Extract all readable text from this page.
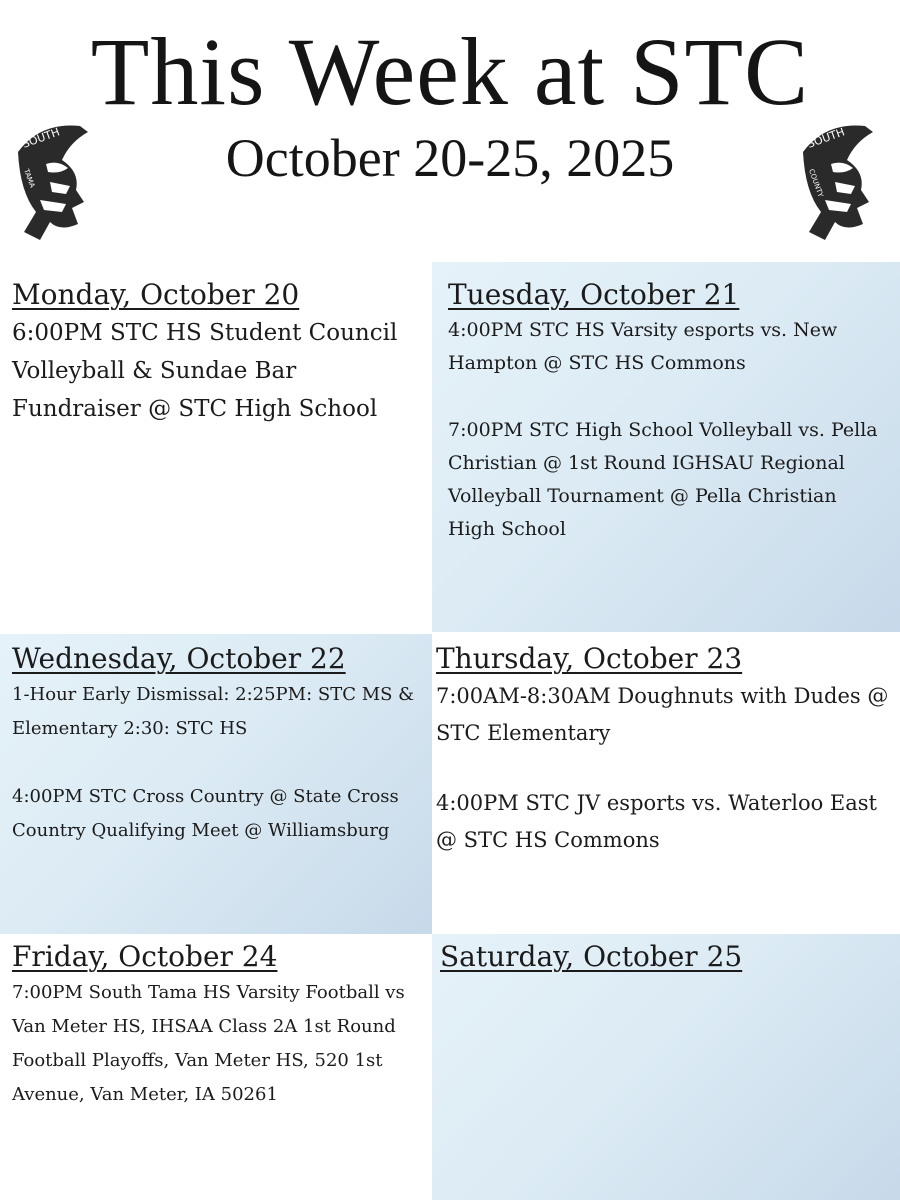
This Week at STC
October 20-25, 2025
SOUTH
TAMA
SOUTH
COUNTY
Monday, October 20
6:00PM STC HS Student Council Volleyball & Sundae Bar Fundraiser @ STC High School
Tuesday, October 21
4:00PM STC HS Varsity esports vs. New Hampton @ STC HS Commons
7:00PM STC High School Volleyball vs. Pella Christian @ 1st Round IGHSAU Regional Volleyball Tournament @ Pella Christian High School
Wednesday, October 22
1-Hour Early Dismissal: 2:25PM: STC MS & Elementary 2:30: STC HS
4:00PM STC Cross Country @ State Cross Country Qualifying Meet @ Williamsburg
Thursday, October 23
7:00AM-8:30AM Doughnuts with Dudes @ STC Elementary
4:00PM STC JV esports vs. Waterloo East @ STC HS Commons
Friday, October 24
7:00PM South Tama HS Varsity Football vs Van Meter HS, IHSAA Class 2A 1st Round Football Playoffs, Van Meter HS, 520 1st Avenue, Van Meter, IA 50261
Saturday, October 25
